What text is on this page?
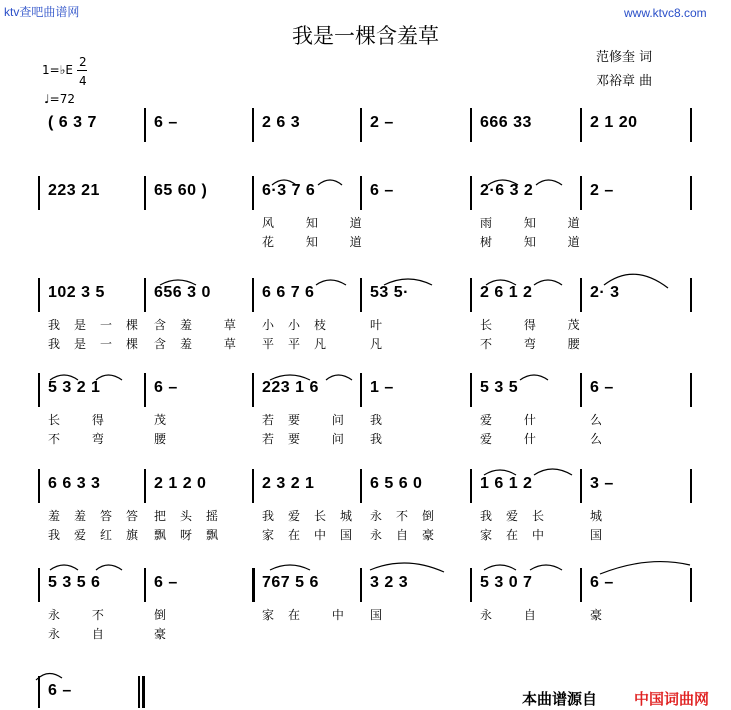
ktv查吧曲谱网	www.ktvc8.com
我是一棵含羞草
范修奎 词
邓裕章 曲
1=♭E
2
4
♩=72
( 6 3 7	6 –	2 6 3	2 –	666 33	2 1 20
223 21	65 60 )	6·3 7 6	6 –	2·6 3 2	2 –
风 知 道	雨 知 道
花 知 道	树 知 道
102 3 5	656 3 0	6 6 7 6	53 5·	2 6 1 2	2· 3
我是一棵 含羞 草 小小枝 叶	长 得 茂
我是一棵 含羞 草 平平凡 凡	不 弯 腰
5 3 2 1	6 –	223 1 6	1 –	5 3 5	6 –
长 得	茂	若要 问 我	爱 什	么
不 弯	腰	若要 问 我	爱 什	么
6 6 3 3	2 1 2 0	2 3 2 1	6 5 6 0	1 6 1 2	3 –
羞羞答答 把头摇 我爱长城 永不倒	我爱长	城
我爱红旗 飘呀飘 家在中国 永自豪	家在中	国
5 3 5 6	6 –	767 5 6	3 2 3	5 3 0 7	6 –
永 不	倒	家在 中 国	永 自	豪
永 自	豪
6 –	本曲谱源自 中国词曲网
